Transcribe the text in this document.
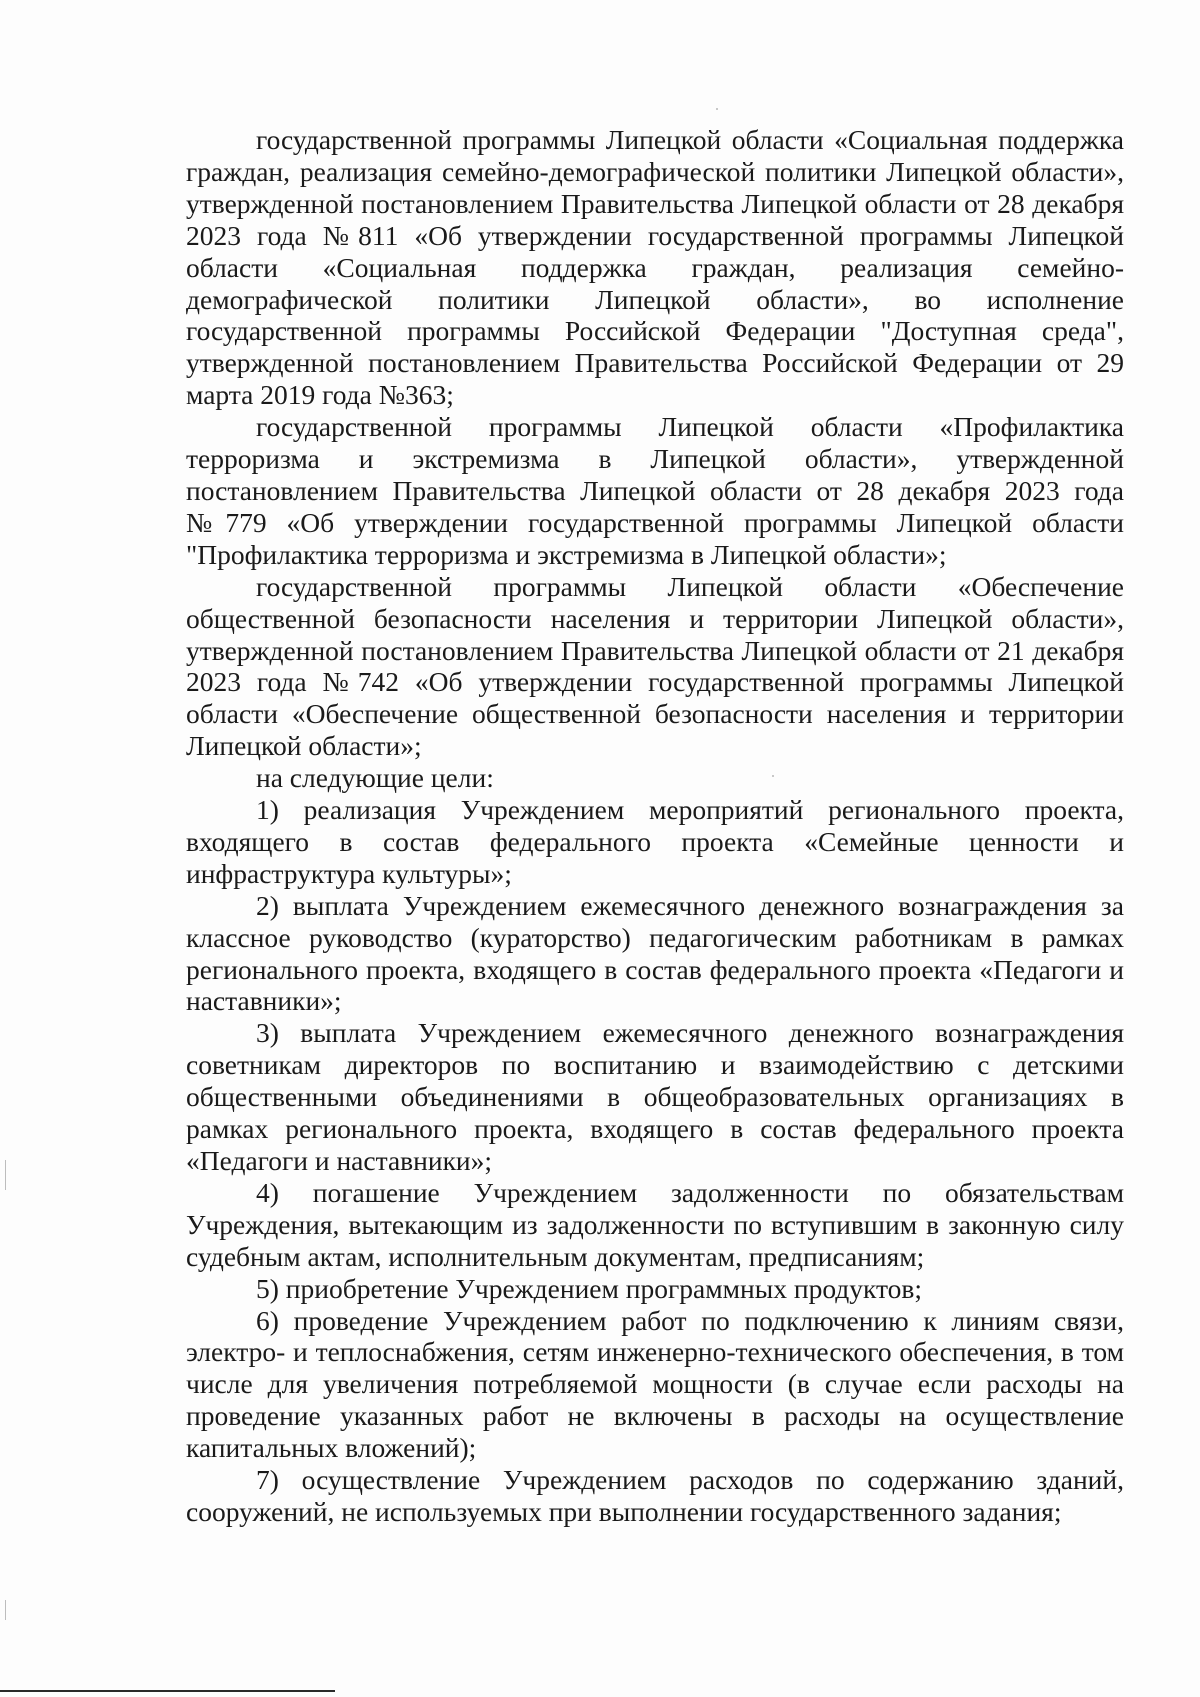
государственной программы Липецкой области «Социальная поддержка граждан, реализация семейно-демографической политики Липецкой области», утвержденной постановлением Правительства Липецкой области от 28 декабря 2023 года №811 «Об утверждении государственной программы Липецкой области «Социальная поддержка граждан, реализация семейно-демографической политики Липецкой области», во исполнение государственной программы Российской Федерации "Доступная среда", утвержденной постановлением Правительства Российской Федерации от 29 марта 2019 года №363;

государственной программы Липецкой области «Профилактика терроризма и экстремизма в Липецкой области», утвержденной постановлением Правительства Липецкой области от 28 декабря 2023 года №779 «Об утверждении государственной программы Липецкой области "Профилактика терроризма и экстремизма в Липецкой области»;

государственной программы Липецкой области «Обеспечение общественной безопасности населения и территории Липецкой области», утвержденной постановлением Правительства Липецкой области от 21 декабря 2023 года №742 «Об утверждении государственной программы Липецкой области «Обеспечение общественной безопасности населения и территории Липецкой области»;

на следующие цели:

1) реализация Учреждением мероприятий регионального проекта, входящего в состав федерального проекта «Семейные ценности и инфраструктура культуры»;

2) выплата Учреждением ежемесячного денежного вознаграждения за классное руководство (кураторство) педагогическим работникам в рамках регионального проекта, входящего в состав федерального проекта «Педагоги и наставники»;

3) выплата Учреждением ежемесячного денежного вознаграждения советникам директоров по воспитанию и взаимодействию с детскими общественными объединениями в общеобразовательных организациях в рамках регионального проекта, входящего в состав федерального проекта «Педагоги и наставники»;

4) погашение Учреждением задолженности по обязательствам Учреждения, вытекающим из задолженности по вступившим в законную силу судебным актам, исполнительным документам, предписаниям;

5) приобретение Учреждением программных продуктов;

6) проведение Учреждением работ по подключению к линиям связи, электро- и теплоснабжения, сетям инженерно-технического обеспечения, в том числе для увеличения потребляемой мощности (в случае если расходы на проведение указанных работ не включены в расходы на осуществление капитальных вложений);

7) осуществление Учреждением расходов по содержанию зданий, сооружений, не используемых при выполнении государственного задания;
